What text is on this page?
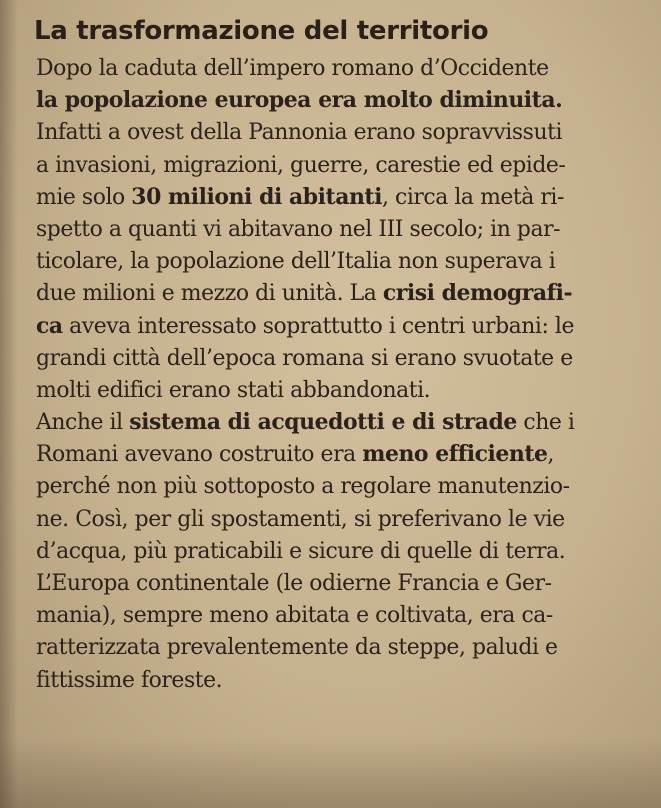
La trasformazione del territorio
Dopo la caduta dell’impero romano d’Occidente
la popolazione europea era molto diminuita.
Infatti a ovest della Pannonia erano sopravvissuti
a invasioni, migrazioni, guerre, carestie ed epide-
mie solo 30 milioni di abitanti, circa la metà ri-
spetto a quanti vi abitavano nel III secolo; in par-
ticolare, la popolazione dell’Italia non superava i
due milioni e mezzo di unità. La crisi demografi-
ca aveva interessato soprattutto i centri urbani: le
grandi città dell’epoca romana si erano svuotate e
molti edifici erano stati abbandonati.
Anche il sistema di acquedotti e di strade che i
Romani avevano costruito era meno efficiente,
perché non più sottoposto a regolare manutenzio-
ne. Così, per gli spostamenti, si preferivano le vie
d’acqua, più praticabili e sicure di quelle di terra.
L’Europa continentale (le odierne Francia e Ger-
mania), sempre meno abitata e coltivata, era ca-
ratterizzata prevalentemente da steppe, paludi e
fittissime foreste.
